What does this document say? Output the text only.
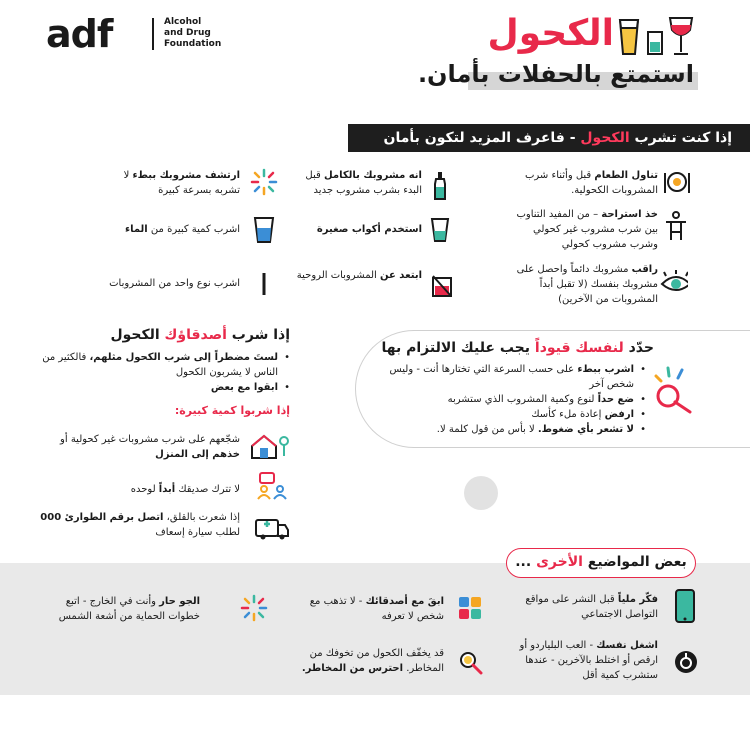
adf	Alcohol
and Drug
Foundation	الكحول
استمتع بالحفلات بأمان.
إذا كنت تشرب الكحول - فاعرف المزيد لتكون بأمان
تناول الطعام قبل وأثناء شرب المشروبات الكحولية.
انه مشروبك بالكامل قبل البدء بشرب مشروب جديد
ارتشف مشروبك ببطء لا تشربه بسرعة كبيرة
خذ استراحة – من المفيد التناوب بين شرب مشروب غير كحولي وشرب مشروب كحولي
استخدم أكواب صغيرة
اشرب كمية كبيرة من الماء
راقب مشروبك دائماً واحصل على مشروبك بنفسك (لا تقبل أبداً المشروبات من الآخرين)
ابتعد عن المشروبات الروحية
اشرب نوع واحد من المشروبات
إذا شرب أصدقاؤك الكحول
• لستَ مضطراً إلى شرب الكحول مثلهم، فالكثير من الناس لا يشربون الكحول
• ابقوا مع بعض
إذا شربوا كمية كبيرة:
شجّعهم على شرب مشروبات غير كحولية أو خذهم إلى المنزل
لا تترك صديقك أبداً لوحده
إذا شعرت بالقلق، اتصل برقم الطوارئ 000 لطلب سيارة إسعاف
حدّد لنفسك قيوداً يجب عليك الالتزام بها
• اشرب ببطء على حسب السرعة التي تختارها أنت - وليس شخص آخر
• ضع حداً لنوع وكمية المشروب الذي ستشربه
• ارفض إعادة ملء كأسك
• لا تشعر بأي ضغوط. لا بأس من قول كلمة لا.
بعض المواضيع الأخرى ...
فكّر ملياً قبل النشر على مواقع التواصل الاجتماعي
ابقَ مع أصدقائك - لا تذهب مع شخص لا تعرفه
الجو حار وأنت في الخارج - اتبع خطوات الحماية من أشعة الشمس
اشغل نفسك - العب البلياردو أو ارقص أو اختلط بالآخرين - عندها ستشرب كمية أقل
قد يخفّف الكحول من تخوفك من المخاطر. احترس من المخاطر.
